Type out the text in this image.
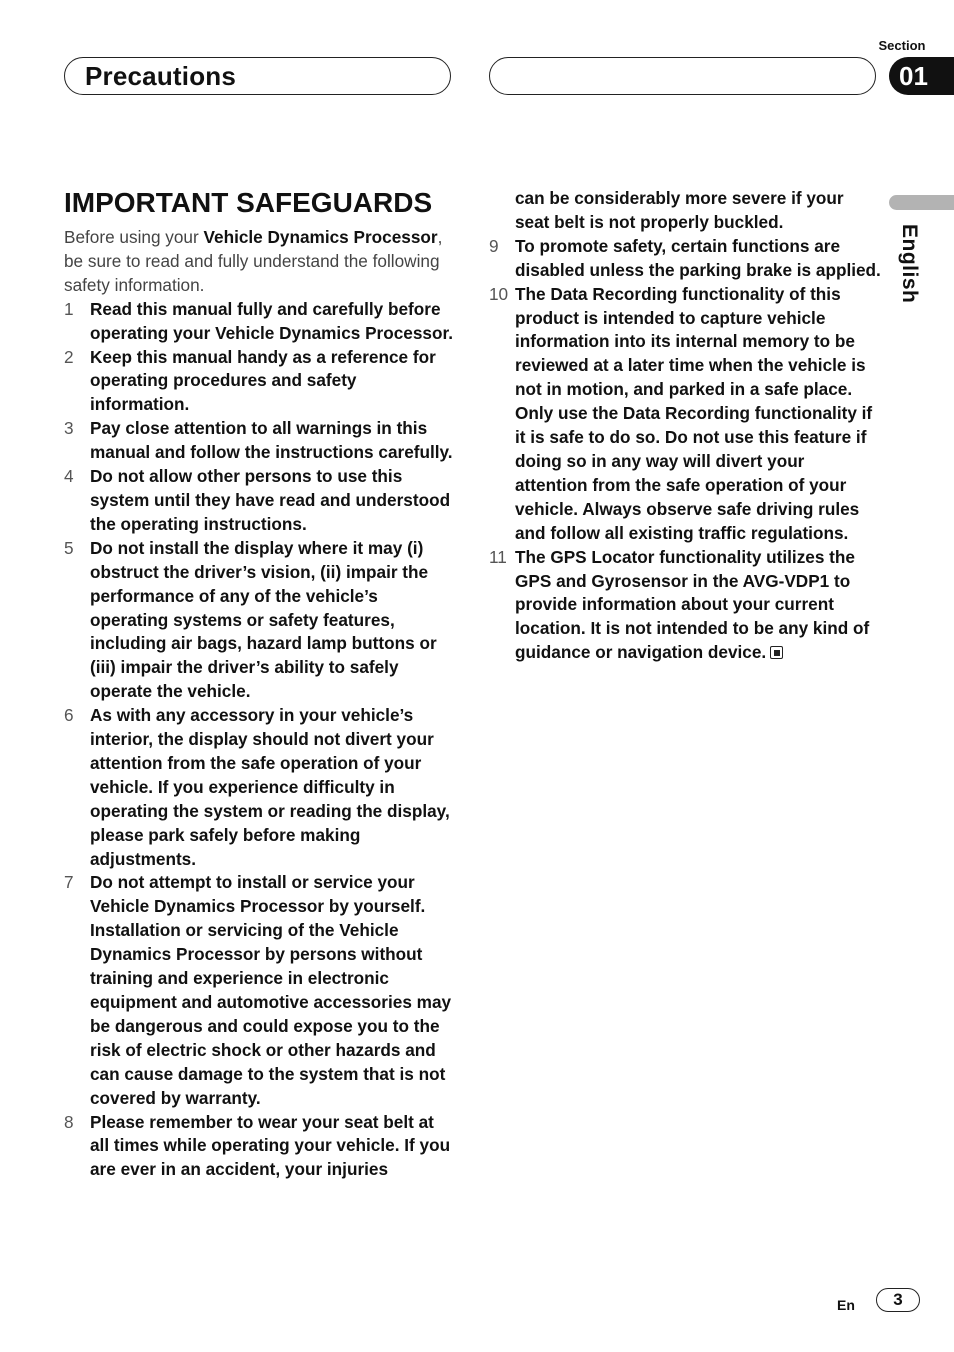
Precautions
Section
01
English
IMPORTANT SAFEGUARDS

Before using your Vehicle Dynamics Processor, be sure to read and fully understand the following safety information.

1 Read this manual fully and carefully before operating your Vehicle Dynamics Processor.
2 Keep this manual handy as a reference for operating procedures and safety information.
3 Pay close attention to all warnings in this manual and follow the instructions carefully.
4 Do not allow other persons to use this system until they have read and understood the operating instructions.
5 Do not install the display where it may (i) obstruct the driver’s vision, (ii) impair the performance of any of the vehicle’s operating systems or safety features, including air bags, hazard lamp buttons or (iii) impair the driver’s ability to safely operate the vehicle.
6 As with any accessory in your vehicle’s interior, the display should not divert your attention from the safe operation of your vehicle. If you experience difficulty in operating the system or reading the display, please park safely before making adjustments.
7 Do not attempt to install or service your Vehicle Dynamics Processor by yourself. Installation or servicing of the Vehicle Dynamics Processor by persons without training and experience in electronic equipment and automotive accessories may be dangerous and could expose you to the risk of electric shock or other hazards and can cause damage to the system that is not covered by warranty.
8 Please remember to wear your seat belt at all times while operating your vehicle. If you are ever in an accident, your injuries
can be considerably more severe if your seat belt is not properly buckled.
9 To promote safety, certain functions are disabled unless the parking brake is applied.
10 The Data Recording functionality of this product is intended to capture vehicle information into its internal memory to be reviewed at a later time when the vehicle is not in motion, and parked in a safe place. Only use the Data Recording functionality if it is safe to do so. Do not use this feature if doing so in any way will divert your attention from the safe operation of your vehicle. Always observe safe driving rules and follow all existing traffic regulations.
11 The GPS Locator functionality utilizes the GPS and Gyrosensor in the AVG-VDP1 to provide information about your current location. It is not intended to be any kind of guidance or navigation device.
En	3
